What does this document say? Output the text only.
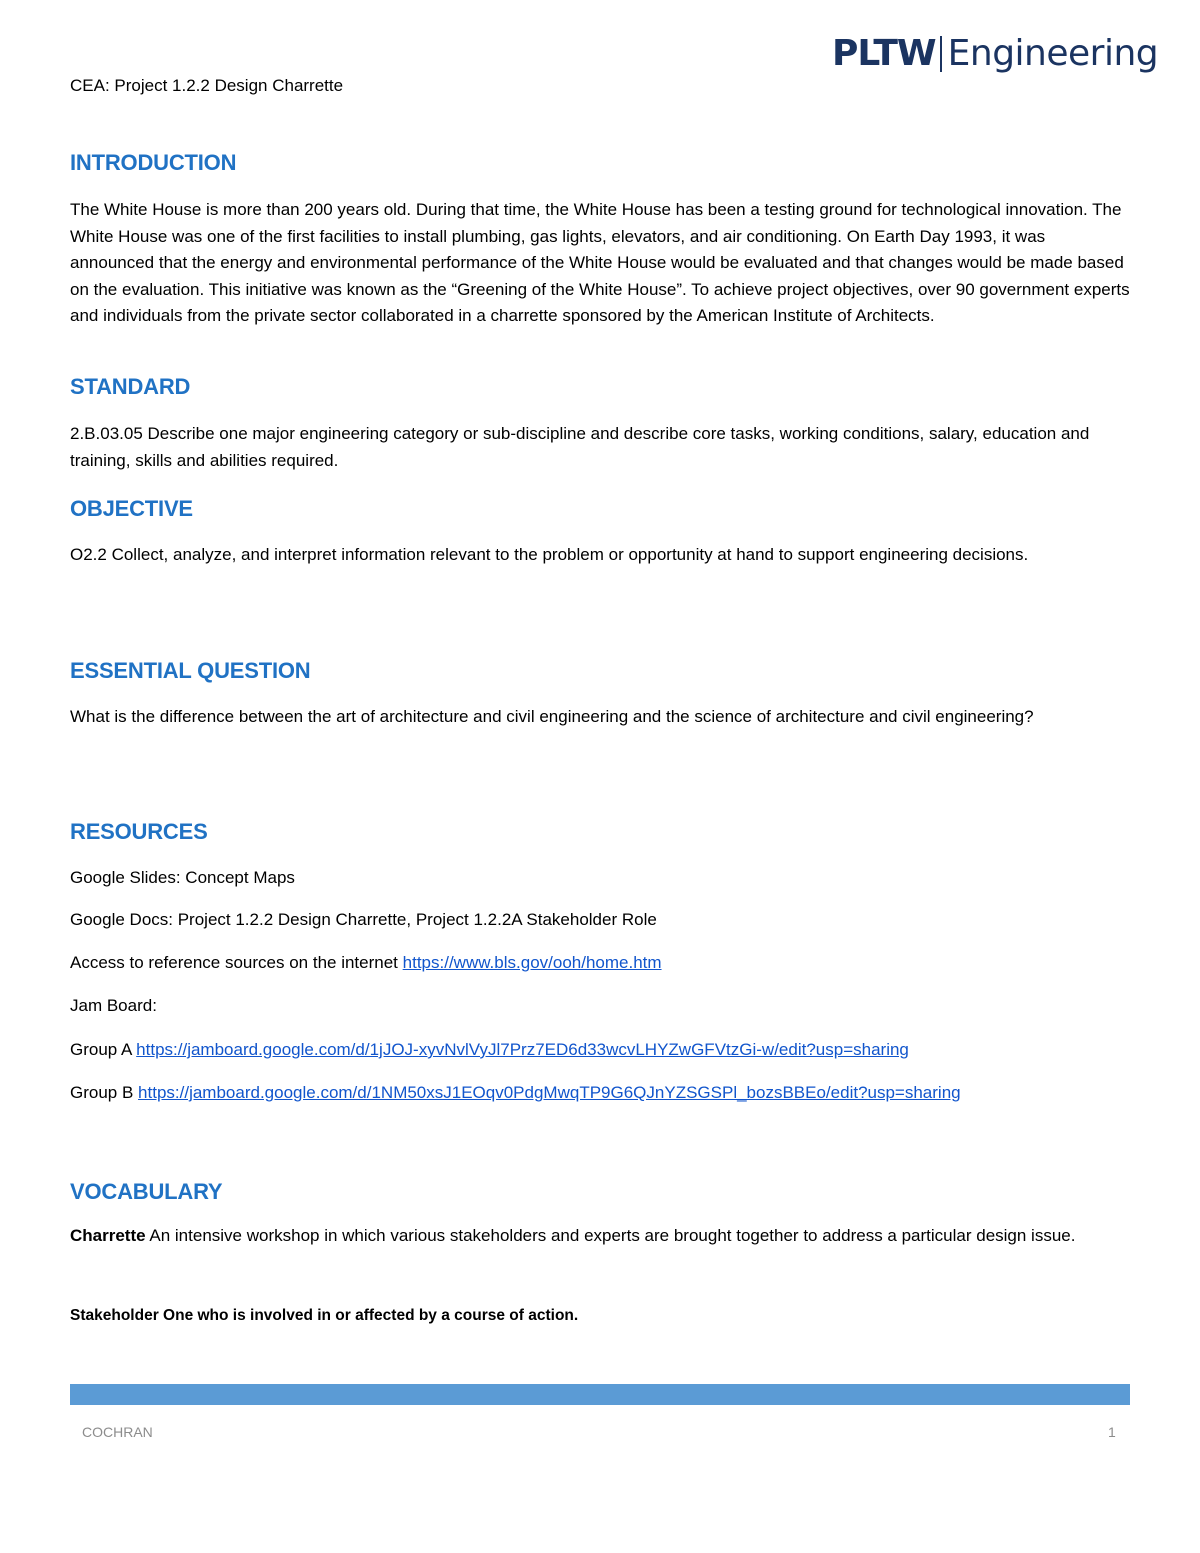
PLTW Engineering
CEA: Project 1.2.2 Design Charrette
INTRODUCTION
The White House is more than 200 years old. During that time, the White House has been a testing ground for technological innovation. The White House was one of the first facilities to install plumbing, gas lights, elevators, and air conditioning. On Earth Day 1993, it was announced that the energy and environmental performance of the White House would be evaluated and that changes would be made based on the evaluation. This initiative was known as the “Greening of the White House”. To achieve project objectives, over 90 government experts and individuals from the private sector collaborated in a charrette sponsored by the American Institute of Architects.
STANDARD
2.B.03.05 Describe one major engineering category or sub-discipline and describe core tasks, working conditions, salary, education and training, skills and abilities required.
OBJECTIVE
O2.2 Collect, analyze, and interpret information relevant to the problem or opportunity at hand to support engineering decisions.
ESSENTIAL QUESTION
What is the difference between the art of architecture and civil engineering and the science of architecture and civil engineering?
RESOURCES
Google Slides: Concept Maps
Google Docs: Project 1.2.2 Design Charrette, Project 1.2.2A Stakeholder Role
Access to reference sources on the internet https://www.bls.gov/ooh/home.htm
Jam Board:
Group A https://jamboard.google.com/d/1jJOJ-xyvNvlVyJl7Prz7ED6d33wcvLHYZwGFVtzGi-w/edit?usp=sharing
Group B https://jamboard.google.com/d/1NM50xsJ1EOqv0PdgMwqTP9G6QJnYZSGSPl_bozsBBEo/edit?usp=sharing
VOCABULARY
Charrette An intensive workshop in which various stakeholders and experts are brought together to address a particular design issue.
Stakeholder One who is involved in or affected by a course of action.
COCHRAN	1
